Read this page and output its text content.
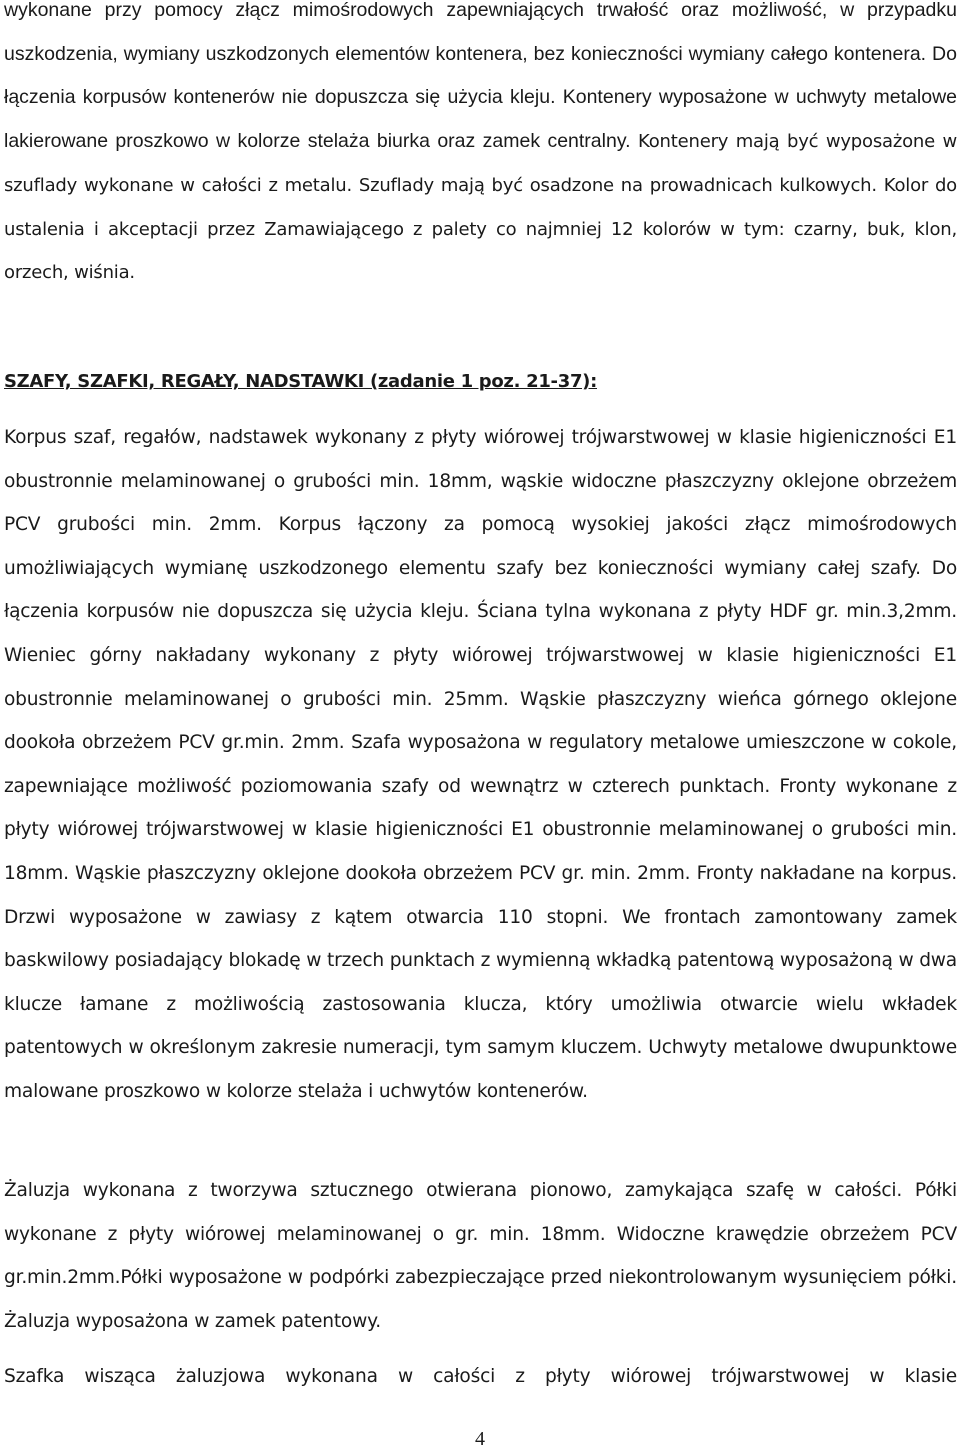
wykonane przy pomocy złącz mimośrodowych zapewniających trwałość oraz możliwość, w przypadku uszkodzenia, wymiany uszkodzonych elementów kontenera, bez konieczności wymiany całego kontenera. Do łączenia korpusów kontenerów nie dopuszcza się użycia kleju. Kontenery wyposażone w uchwyty metalowe lakierowane proszkowo w kolorze stelaża biurka oraz zamek centralny. Kontenery mają być wyposażone w szuflady wykonane w całości z metalu. Szuflady mają być osadzone na prowadnicach kulkowych. Kolor do ustalenia i akceptacji przez Zamawiającego z palety co najmniej 12 kolorów w tym: czarny, buk, klon, orzech, wiśnia.

SZAFY, SZAFKI, REGAŁY, NADSTAWKI (zadanie 1 poz. 21-37):

Korpus szaf, regałów, nadstawek wykonany z płyty wiórowej trójwarstwowej w klasie higieniczności E1 obustronnie melaminowanej o grubości min. 18mm, wąskie widoczne płaszczyzny oklejone obrzeżem PCV grubości min. 2mm. Korpus łączony za pomocą wysokiej jakości złącz mimośrodowych umożliwiających wymianę uszkodzonego elementu szafy bez konieczności wymiany całej szafy. Do łączenia korpusów nie dopuszcza się użycia kleju. Ściana tylna wykonana z płyty HDF gr. min.3,2mm. Wieniec górny nakładany wykonany z płyty wiórowej trójwarstwowej w klasie higieniczności E1 obustronnie melaminowanej o grubości min. 25mm. Wąskie płaszczyzny wieńca górnego oklejone dookoła obrzeżem PCV gr.min. 2mm. Szafa wyposażona w regulatory metalowe umieszczone w cokole, zapewniające możliwość poziomowania szafy od wewnątrz w czterech punktach. Fronty wykonane z płyty wiórowej trójwarstwowej w klasie higieniczności E1 obustronnie melaminowanej o grubości min. 18mm. Wąskie płaszczyzny oklejone dookoła obrzeżem PCV gr. min. 2mm. Fronty nakładane na korpus. Drzwi wyposażone w zawiasy z kątem otwarcia 110 stopni. We frontach zamontowany zamek baskwilowy posiadający blokadę w trzech punktach z wymienną wkładką patentową wyposażoną w dwa klucze łamane z możliwością zastosowania klucza, który umożliwia otwarcie wielu wkładek patentowych w określonym zakresie numeracji, tym samym kluczem. Uchwyty metalowe dwupunktowe malowane proszkowo w kolorze stelaża i uchwytów kontenerów.

Żaluzja wykonana z tworzywa sztucznego otwierana pionowo, zamykająca szafę w całości. Półki wykonane z płyty wiórowej melaminowanej o gr. min. 18mm. Widoczne krawędzie obrzeżem PCV gr.min.2mm.Półki wyposażone w podpórki zabezpieczające przed niekontrolowanym wysunięciem półki. Żaluzja wyposażona w zamek patentowy.

Szafka wisząca żaluzjowa wykonana w całości z płyty wiórowej trójwarstwowej w klasie

4
